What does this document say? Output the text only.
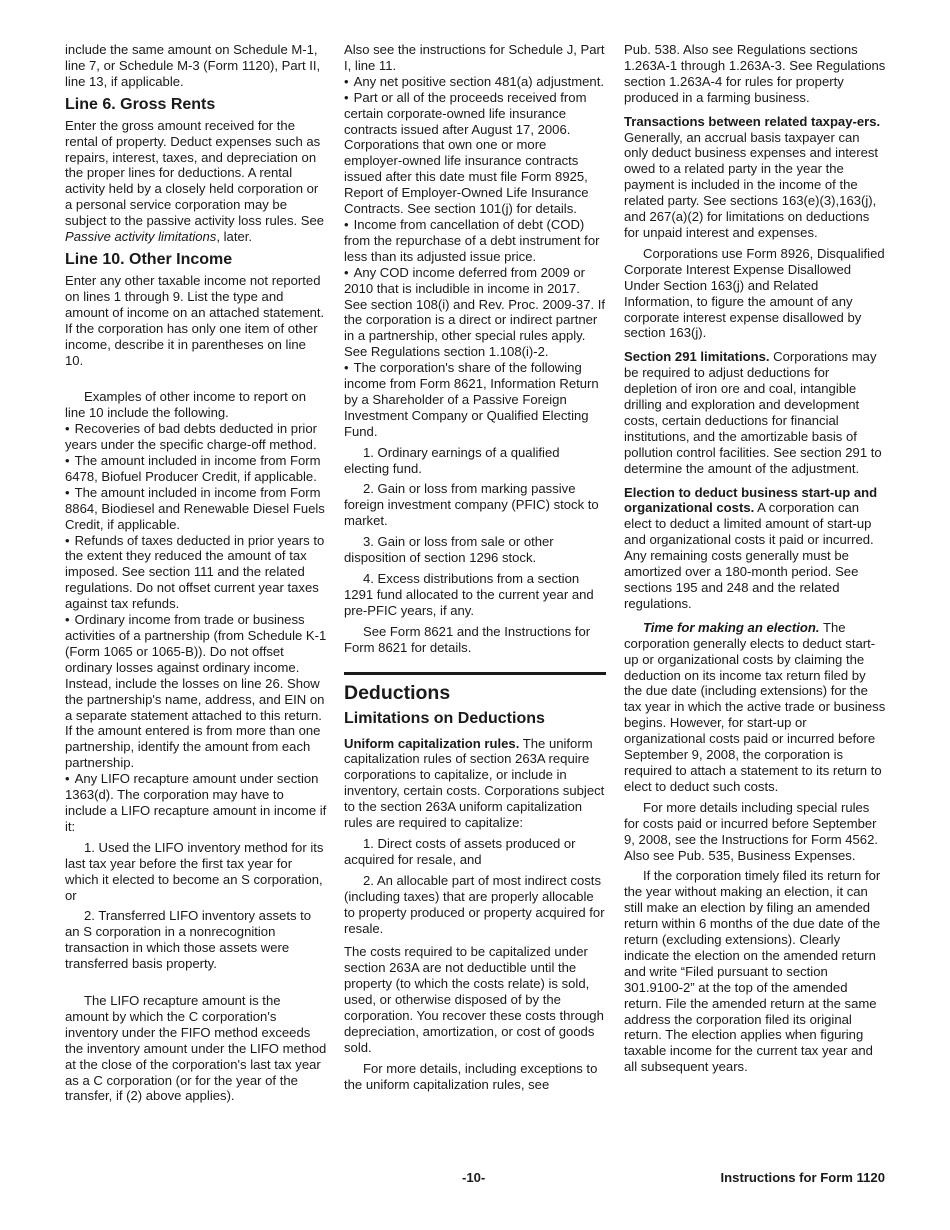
include the same amount on Schedule M-1, line 7, or Schedule M-3 (Form 1120), Part II, line 13, if applicable.

Line 6. Gross Rents

Enter the gross amount received for the rental of property. Deduct expenses such as repairs, interest, taxes, and depreciation on the proper lines for deductions. A rental activity held by a closely held corporation or a personal service corporation may be subject to the passive activity loss rules. See Passive activity limitations, later.

Line 10. Other Income

Enter any other taxable income not reported on lines 1 through 9. List the type and amount of income on an attached statement. If the corporation has only one item of other income, describe it in parentheses on line 10.

Examples of other income to report on line 10 include the following.

• Recoveries of bad debts deducted in prior years under the specific charge-off method.

• The amount included in income from Form 6478, Biofuel Producer Credit, if applicable.

• The amount included in income from Form 8864, Biodiesel and Renewable Diesel Fuels Credit, if applicable.

• Refunds of taxes deducted in prior years to the extent they reduced the amount of tax imposed. See section 111 and the related regulations. Do not offset current year taxes against tax refunds.

• Ordinary income from trade or business activities of a partnership (from Schedule K-1 (Form 1065 or 1065-B)). Do not offset ordinary losses against ordinary income. Instead, include the losses on line 26. Show the partnership's name, address, and EIN on a separate statement attached to this return. If the amount entered is from more than one partnership, identify the amount from each partnership.

• Any LIFO recapture amount under section 1363(d). The corporation may have to include a LIFO recapture amount in income if it:

1. Used the LIFO inventory method for its last tax year before the first tax year for which it elected to become an S corporation, or

2. Transferred LIFO inventory assets to an S corporation in a nonrecognition transaction in which those assets were transferred basis property.

The LIFO recapture amount is the amount by which the C corporation's inventory under the FIFO method exceeds the inventory amount under the LIFO method at the close of the corporation's last tax year as a C corporation (or for the year of the transfer, if (2) above applies).

Also see the instructions for Schedule J, Part I, line 11.

• Any net positive section 481(a) adjustment.

• Part or all of the proceeds received from certain corporate-owned life insurance contracts issued after August 17, 2006. Corporations that own one or more employer-owned life insurance contracts issued after this date must file Form 8925, Report of Employer-Owned Life Insurance Contracts. See section 101(j) for details.

• Income from cancellation of debt (COD) from the repurchase of a debt instrument for less than its adjusted issue price.

• Any COD income deferred from 2009 or 2010 that is includible in income in 2017. See section 108(i) and Rev. Proc. 2009-37. If the corporation is a direct or indirect partner in a partnership, other special rules apply. See Regulations section 1.108(i)-2.

• The corporation's share of the following income from Form 8621, Information Return by a Shareholder of a Passive Foreign Investment Company or Qualified Electing Fund.

1. Ordinary earnings of a qualified electing fund.

2. Gain or loss from marking passive foreign investment company (PFIC) stock to market.

3. Gain or loss from sale or other disposition of section 1296 stock.

4. Excess distributions from a section 1291 fund allocated to the current year and pre-PFIC years, if any.

See Form 8621 and the Instructions for Form 8621 for details.

Deductions
Limitations on Deductions

Uniform capitalization rules. The uniform capitalization rules of section 263A require corporations to capitalize, or include in inventory, certain costs. Corporations subject to the section 263A uniform capitalization rules are required to capitalize:

1. Direct costs of assets produced or acquired for resale, and

2. An allocable part of most indirect costs (including taxes) that are properly allocable to property produced or property acquired for resale.

The costs required to be capitalized under section 263A are not deductible until the property (to which the costs relate) is sold, used, or otherwise disposed of by the corporation. You recover these costs through depreciation, amortization, or cost of goods sold.

For more details, including exceptions to the uniform capitalization rules, see

Pub. 538. Also see Regulations sections 1.263A-1 through 1.263A-3. See Regulations section 1.263A-4 for rules for property produced in a farming business.

Transactions between related taxpay-ers. Generally, an accrual basis taxpayer can only deduct business expenses and interest owed to a related party in the year the payment is included in the income of the related party. See sections 163(e)(3),163(j), and 267(a)(2) for limitations on deductions for unpaid interest and expenses.

Corporations use Form 8926, Disqualified Corporate Interest Expense Disallowed Under Section 163(j) and Related Information, to figure the amount of any corporate interest expense disallowed by section 163(j).

Section 291 limitations. Corporations may be required to adjust deductions for depletion of iron ore and coal, intangible drilling and exploration and development costs, certain deductions for financial institutions, and the amortizable basis of pollution control facilities. See section 291 to determine the amount of the adjustment.

Election to deduct business start-up and organizational costs. A corporation can elect to deduct a limited amount of start-up and organizational costs it paid or incurred. Any remaining costs generally must be amortized over a 180-month period. See sections 195 and 248 and the related regulations.

Time for making an election. The corporation generally elects to deduct start-up or organizational costs by claiming the deduction on its income tax return filed by the due date (including extensions) for the tax year in which the active trade or business begins. However, for start-up or organizational costs paid or incurred before September 9, 2008, the corporation is required to attach a statement to its return to elect to deduct such costs.

For more details including special rules for costs paid or incurred before September 9, 2008, see the Instructions for Form 4562. Also see Pub. 535, Business Expenses.

If the corporation timely filed its return for the year without making an election, it can still make an election by filing an amended return within 6 months of the due date of the return (excluding extensions). Clearly indicate the election on the amended return and write “Filed pursuant to section 301.9100-2” at the top of the amended return. File the amended return at the same address the corporation filed its original return. The election applies when figuring taxable income for the current tax year and all subsequent years.

-10-	Instructions for Form 1120
